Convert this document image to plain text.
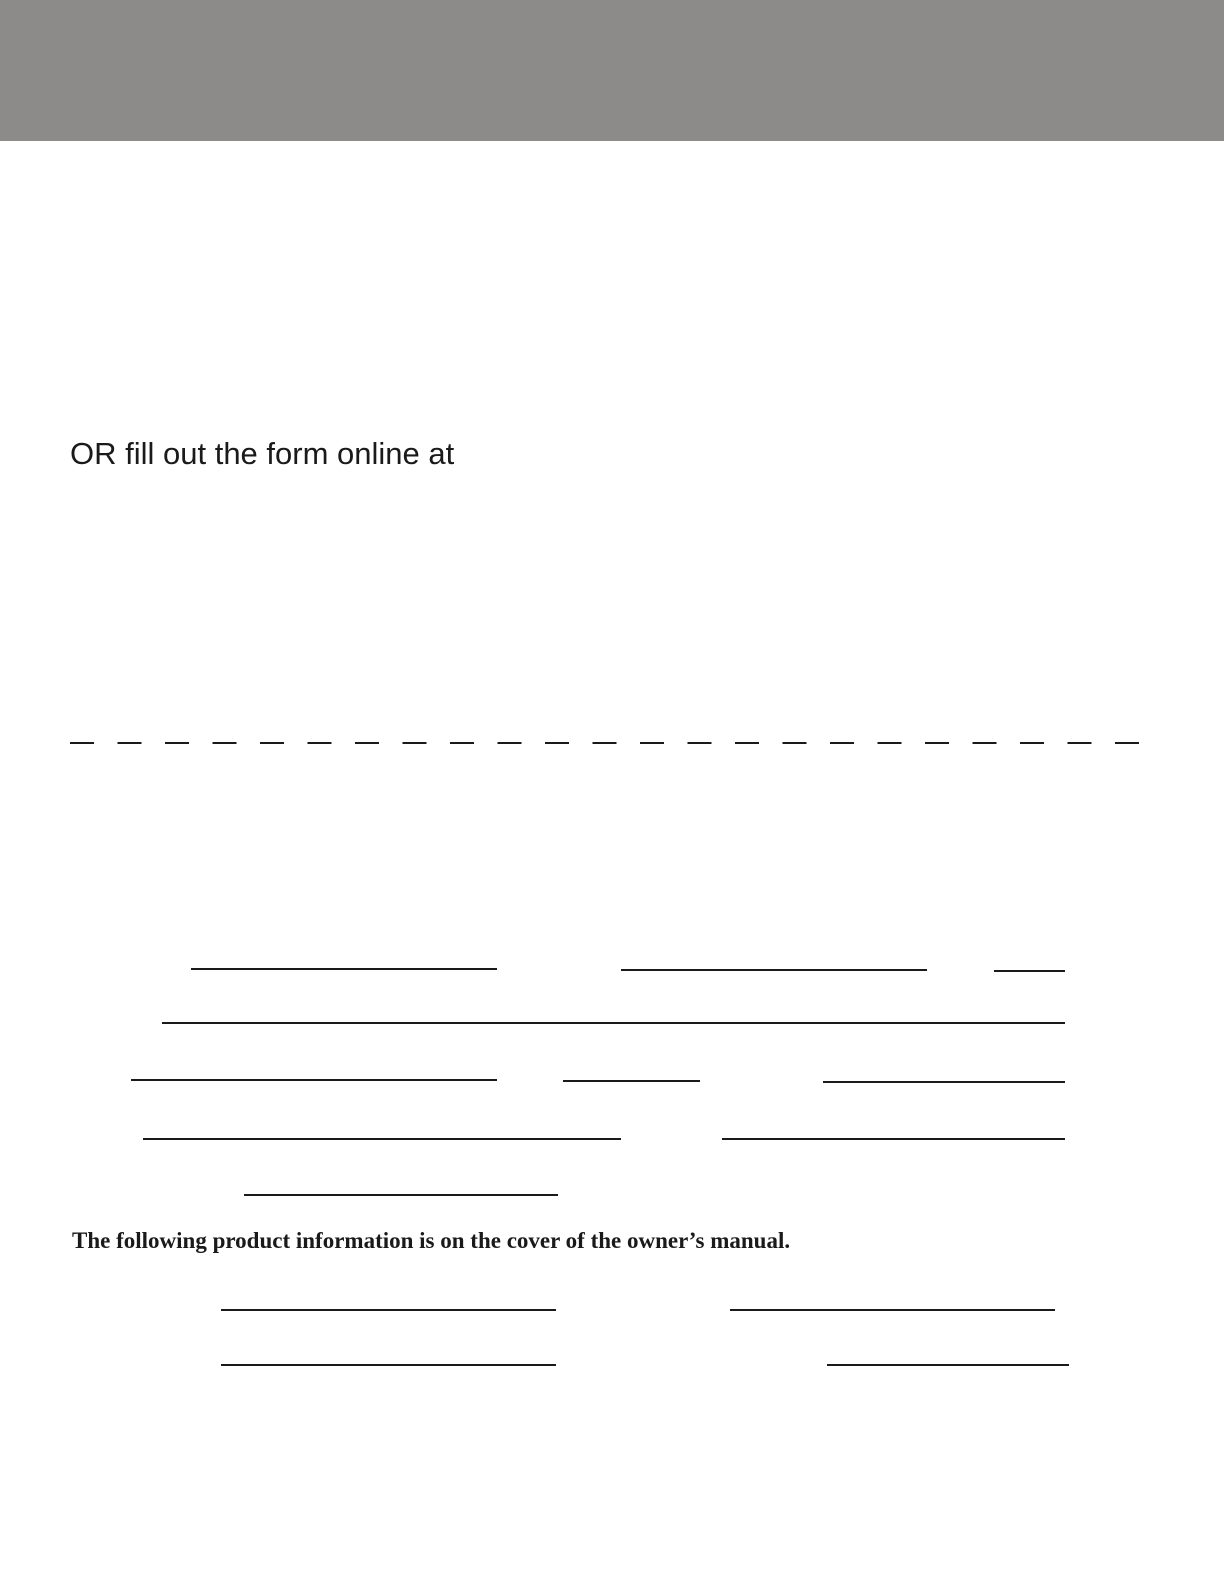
OR fill out the form online at
The following product information is on the cover of the owner’s manual.
